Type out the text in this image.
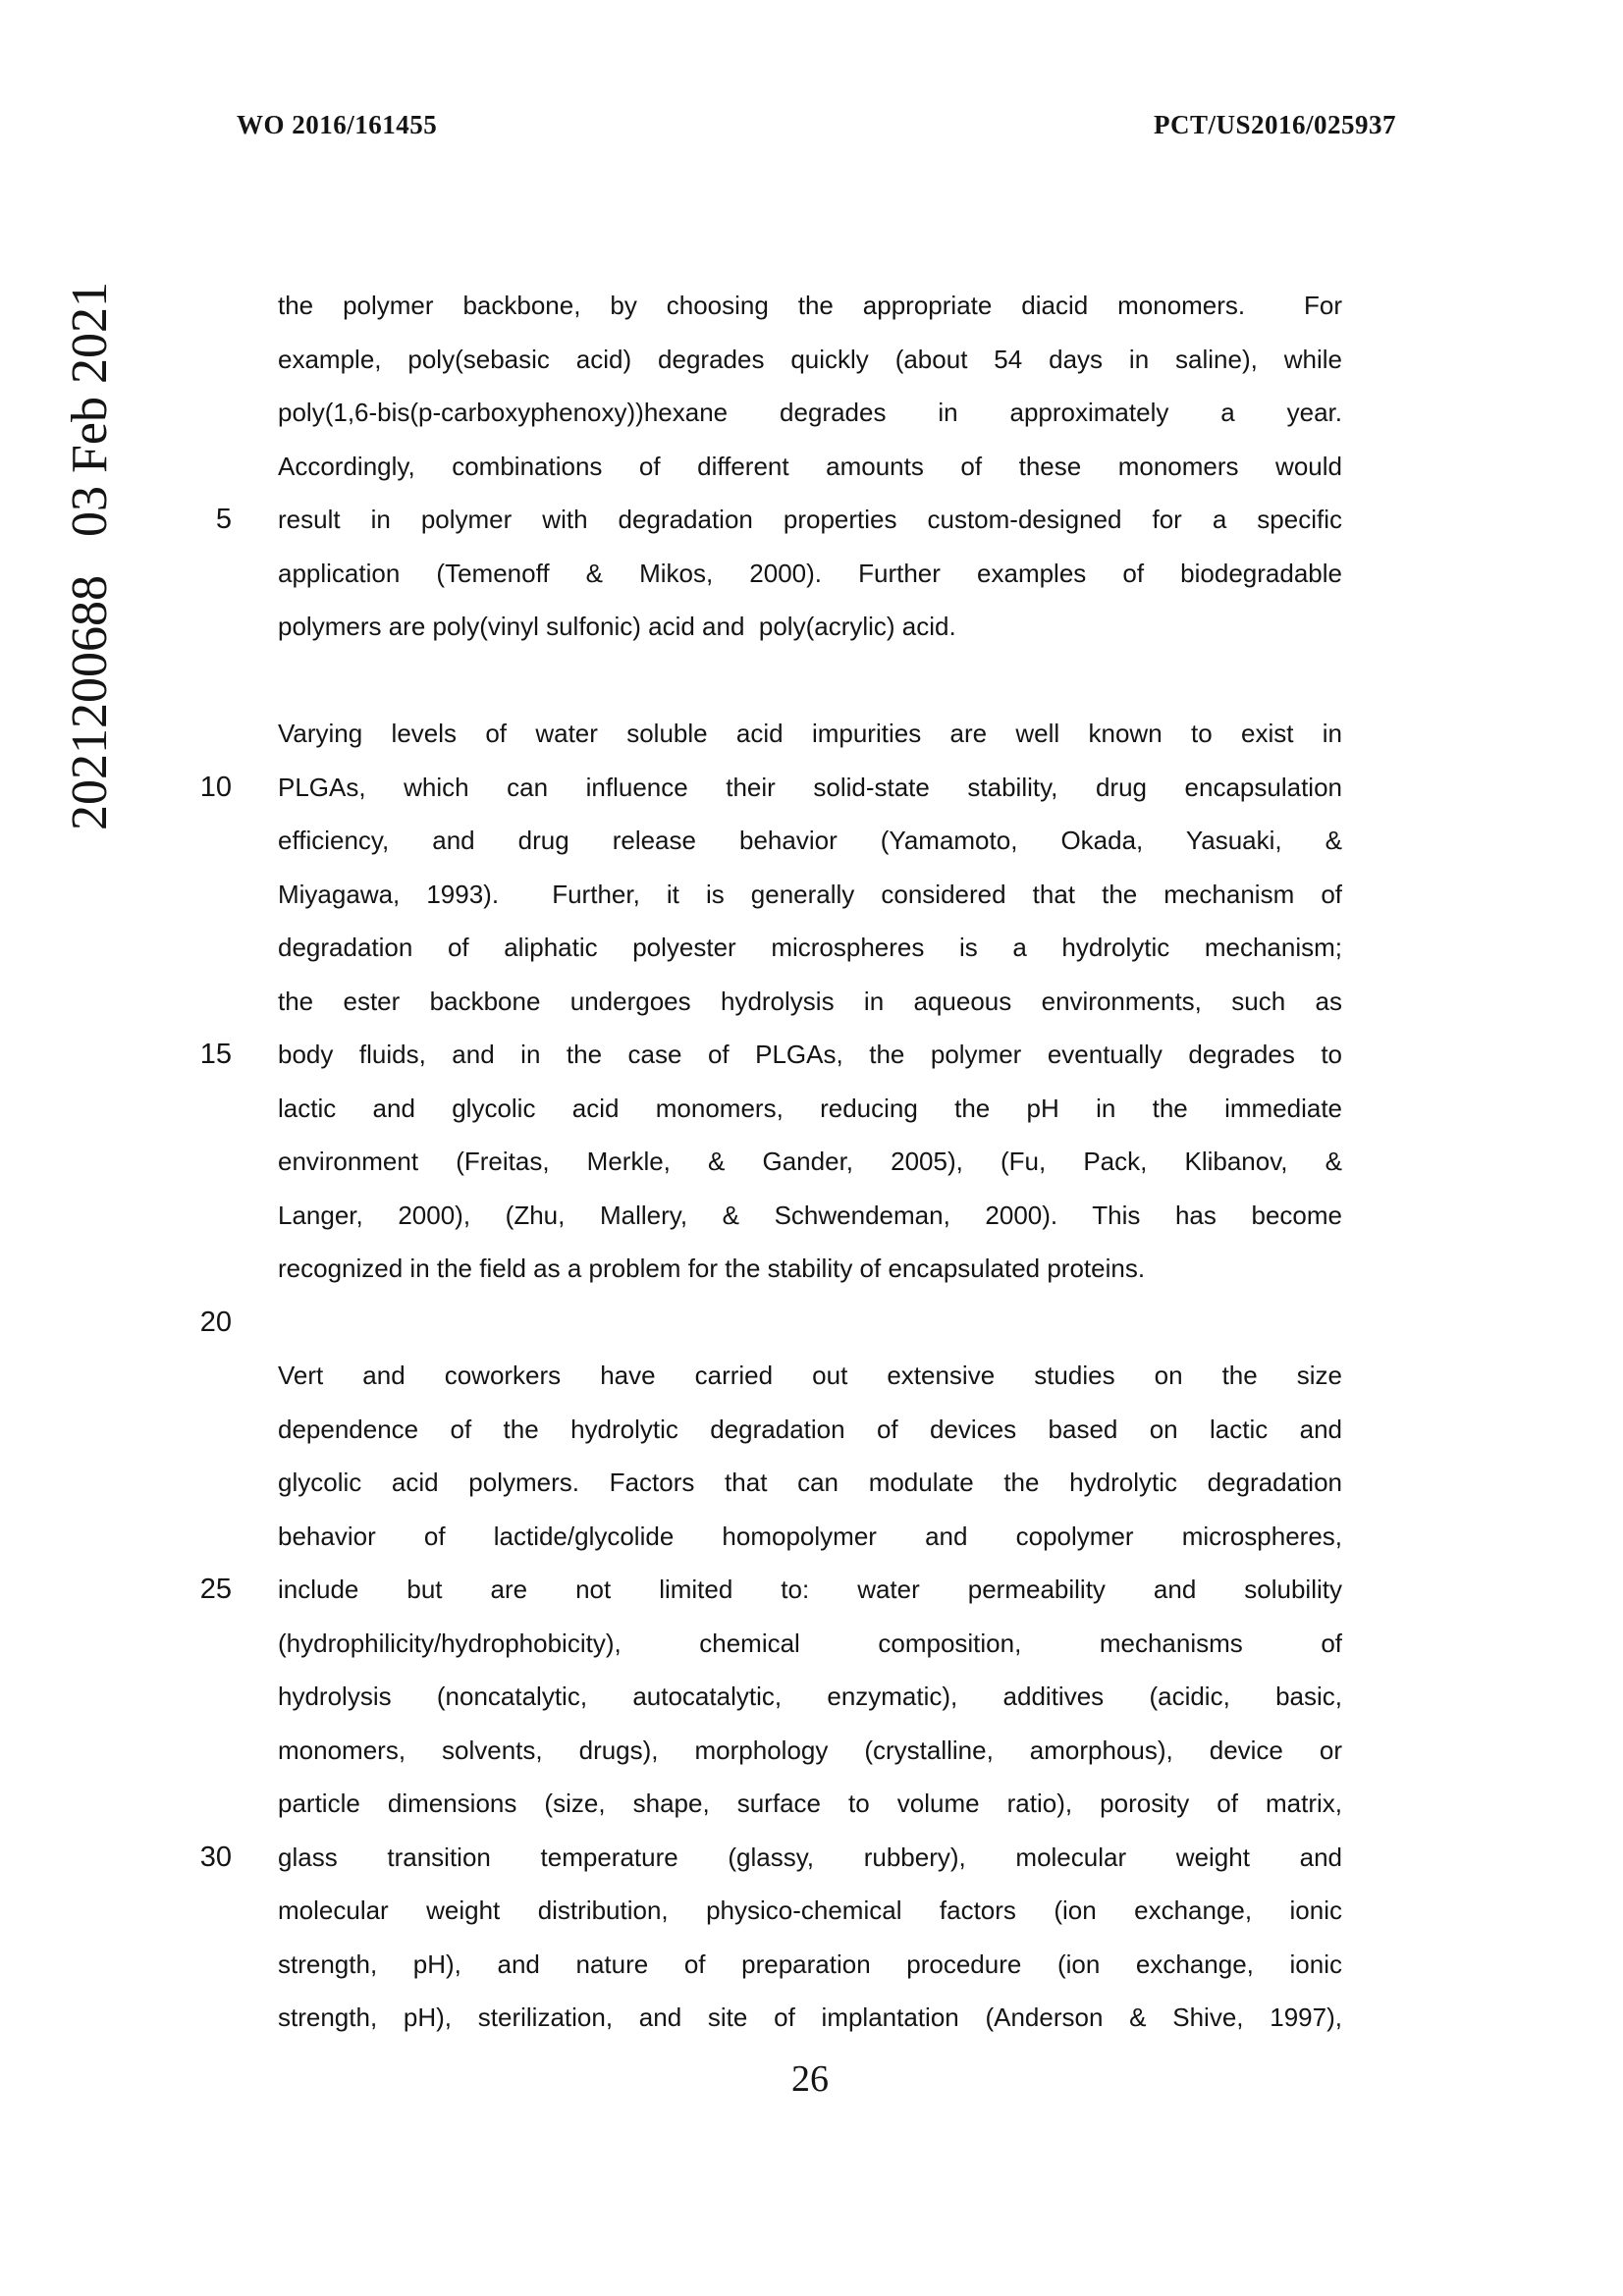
WO 2016/161455	PCT/US2016/025937
2021200688   03 Feb 2021	the polymer backbone, by choosing the appropriate diacid monomers.  For
example, poly(sebasic acid) degrades quickly (about 54 days in saline), while
poly(1,6-bis(p-carboxyphenoxy))hexane degrades in approximately a year.
Accordingly, combinations of different amounts of these monomers would
5 result in polymer with degradation properties custom-designed for a specific
application (Temenoff & Mikos, 2000). Further examples of biodegradable
polymers are poly(vinyl sulfonic) acid and  poly(acrylic) acid.
Varying levels of water soluble acid impurities are well known to exist in
10 PLGAs, which can influence their solid-state stability, drug encapsulation
efficiency, and drug release behavior (Yamamoto, Okada, Yasuaki, &
Miyagawa, 1993).  Further, it is generally considered that the mechanism of
degradation of aliphatic polyester microspheres is a hydrolytic mechanism;
the ester backbone undergoes hydrolysis in aqueous environments, such as
15 body fluids, and in the case of PLGAs, the polymer eventually degrades to
lactic and glycolic acid monomers, reducing the pH in the immediate
environment (Freitas, Merkle, & Gander, 2005), (Fu, Pack, Klibanov, &
Langer, 2000), (Zhu, Mallery, & Schwendeman, 2000). This has become
recognized in the field as a problem for the stability of encapsulated proteins.
20
Vert and coworkers have carried out extensive studies on the size
dependence of the hydrolytic degradation of devices based on lactic and
glycolic acid polymers. Factors that can modulate the hydrolytic degradation
behavior of lactide/glycolide homopolymer and copolymer microspheres,
25 include but are not limited to: water permeability and solubility
(hydrophilicity/hydrophobicity), chemical composition, mechanisms of
hydrolysis (noncatalytic, autocatalytic, enzymatic), additives (acidic, basic,
monomers, solvents, drugs), morphology (crystalline, amorphous), device or
particle dimensions (size, shape, surface to volume ratio), porosity of matrix,
30 glass transition temperature (glassy, rubbery), molecular weight and
molecular weight distribution, physico-chemical factors (ion exchange, ionic
strength, pH), and nature of preparation procedure (ion exchange, ionic
strength, pH), sterilization, and site of implantation (Anderson & Shive, 1997),
26
